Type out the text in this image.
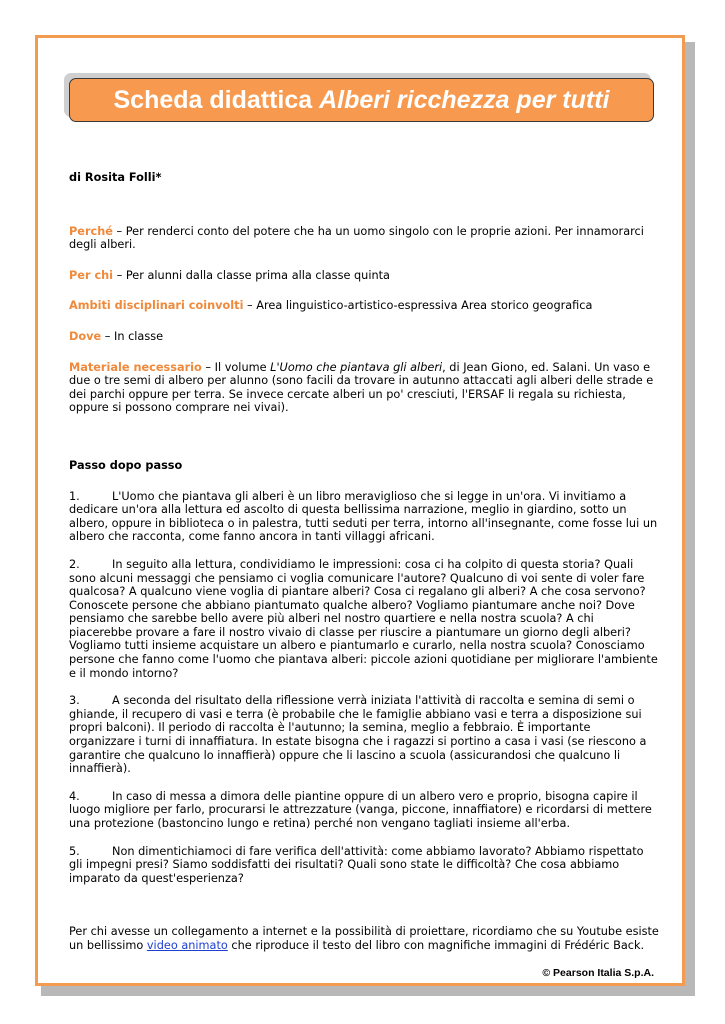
Scheda didattica Alberi ricchezza per tutti

di Rosita Folli*

Perché – Per renderci conto del potere che ha un uomo singolo con le proprie azioni. Per innamorarci degli alberi.

Per chi – Per alunni dalla classe prima alla classe quinta

Ambiti disciplinari coinvolti – Area linguistico-artistico-espressiva Area storico geografica

Dove – In classe

Materiale necessario – Il volume L'Uomo che piantava gli alberi, di Jean Giono, ed. Salani. Un vaso e due o tre semi di albero per alunno (sono facili da trovare in autunno attaccati agli alberi delle strade e dei parchi oppure per terra. Se invece cercate alberi un po' cresciuti, l'ERSAF li regala su richiesta, oppure si possono comprare nei vivai).

Passo dopo passo

1.	L'Uomo che piantava gli alberi è un libro meraviglioso che si legge in un'ora. Vi invitiamo a dedicare un'ora alla lettura ed ascolto di questa bellissima narrazione, meglio in giardino, sotto un albero, oppure in biblioteca o in palestra, tutti seduti per terra, intorno all'insegnante, come fosse lui un albero che racconta, come fanno ancora in tanti villaggi africani.

2.	In seguito alla lettura, condividiamo le impressioni: cosa ci ha colpito di questa storia? Quali sono alcuni messaggi che pensiamo ci voglia comunicare l'autore? Qualcuno di voi sente di voler fare qualcosa? A qualcuno viene voglia di piantare alberi? Cosa ci regalano gli alberi? A che cosa servono? Conoscete persone che abbiano piantumato qualche albero? Vogliamo piantumare anche noi? Dove pensiamo che sarebbe bello avere più alberi nel nostro quartiere e nella nostra scuola? A chi piacerebbe provare a fare il nostro vivaio di classe per riuscire a piantumare un giorno degli alberi? Vogliamo tutti insieme acquistare un albero e piantumarlo e curarlo, nella nostra scuola? Conosciamo persone che fanno come l'uomo che piantava alberi: piccole azioni quotidiane per migliorare l'ambiente e il mondo intorno?

3.	A seconda del risultato della riflessione verrà iniziata l'attività di raccolta e semina di semi o ghiande, il recupero di vasi e terra (è probabile che le famiglie abbiano vasi e terra a disposizione sui propri balconi). Il periodo di raccolta è l'autunno; la semina, meglio a febbraio. È importante organizzare i turni di innaffiatura. In estate bisogna che i ragazzi si portino a casa i vasi (se riescono a garantire che qualcuno lo innaffierà) oppure che li lascino a scuola (assicurandosi che qualcuno li innaffierà).

4.	In caso di messa a dimora delle piantine oppure di un albero vero e proprio, bisogna capire il luogo migliore per farlo, procurarsi le attrezzature (vanga, piccone, innaffiatore) e ricordarsi di mettere una protezione (bastoncino lungo e retina) perché non vengano tagliati insieme all'erba.

5.	Non dimentichiamoci di fare verifica dell'attività: come abbiamo lavorato? Abbiamo rispettato gli impegni presi? Siamo soddisfatti dei risultati? Quali sono state le difficoltà? Che cosa abbiamo imparato da quest'esperienza?

Per chi avesse un collegamento a internet e la possibilità di proiettare, ricordiamo che su Youtube esiste un bellissimo video animato che riproduce il testo del libro con magnifiche immagini di Frédéric Back.

© Pearson Italia S.p.A.
